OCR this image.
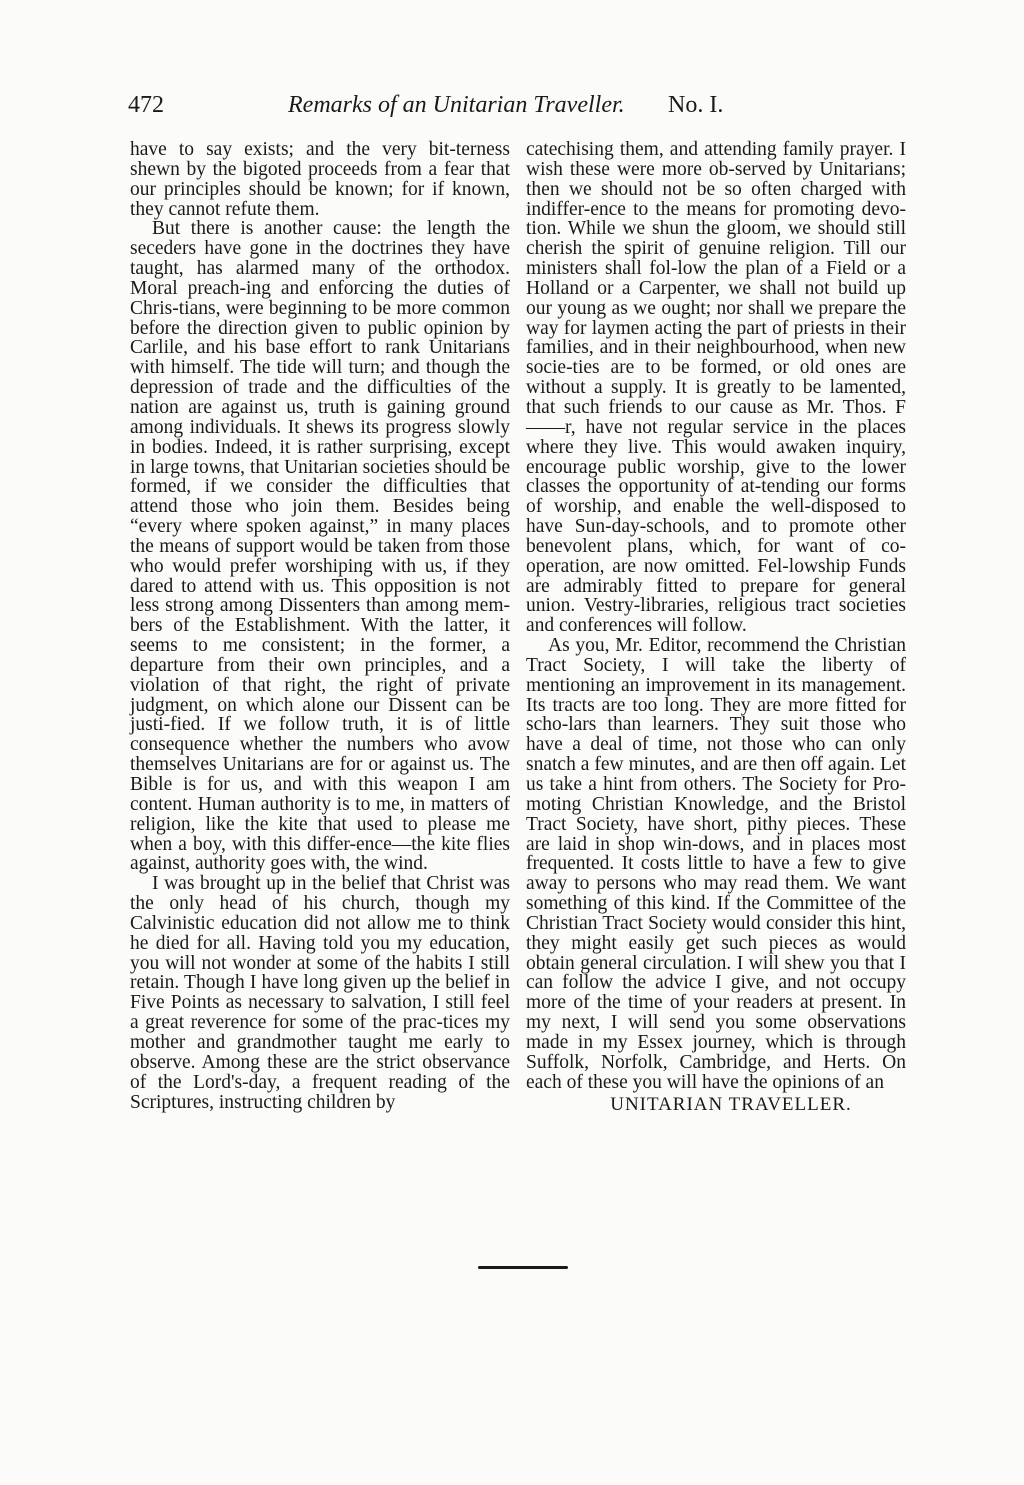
472	Remarks of an Unitarian Traveller. No. I.

have to say exists; and the very bit-terness shewn by the bigoted proceeds from a fear that our principles should be known; for if known, they cannot refute them.

But there is another cause: the length the seceders have gone in the doctrines they have taught, has alarmed many of the orthodox. Moral preach-ing and enforcing the duties of Chris-tians, were beginning to be more common before the direction given to public opinion by Carlile, and his base effort to rank Unitarians with himself. The tide will turn; and though the depression of trade and the difficulties of the nation are against us, truth is gaining ground among individuals. It shews its progress slowly in bodies. Indeed, it is rather surprising, except in large towns, that Unitarian societies should be formed, if we consider the difficulties that attend those who join them. Besides being “every where spoken against,” in many places the means of support would be taken from those who would prefer worshiping with us, if they dared to attend with us. This opposition is not less strong among Dissenters than among mem-bers of the Establishment. With the latter, it seems to me consistent; in the former, a departure from their own principles, and a violation of that right, the right of private judgment, on which alone our Dissent can be justi-fied. If we follow truth, it is of little consequence whether the numbers who avow themselves Unitarians are for or against us. The Bible is for us, and with this weapon I am content. Human authority is to me, in matters of religion, like the kite that used to please me when a boy, with this differ-ence—the kite flies against, authority goes with, the wind.

I was brought up in the belief that Christ was the only head of his church, though my Calvinistic education did not allow me to think he died for all. Having told you my education, you will not wonder at some of the habits I still retain. Though I have long given up the belief in Five Points as necessary to salvation, I still feel a great reverence for some of the prac-tices my mother and grandmother taught me early to observe. Among these are the strict observance of the Lord's-day, a frequent reading of the Scriptures, instructing children by

catechising them, and attending family prayer. I wish these were more ob-served by Unitarians; then we should not be so often charged with indiffer-ence to the means for promoting devo-tion. While we shun the gloom, we should still cherish the spirit of genuine religion. Till our ministers shall fol-low the plan of a Field or a Holland or a Carpenter, we shall not build up our young as we ought; nor shall we prepare the way for laymen acting the part of priests in their families, and in their neighbourhood, when new socie-ties are to be formed, or old ones are without a supply. It is greatly to be lamented, that such friends to our cause as Mr. Thos. F——r, have not regular service in the places where they live. This would awaken inquiry, encourage public worship, give to the lower classes the opportunity of at-tending our forms of worship, and enable the well-disposed to have Sun-day-schools, and to promote other benevolent plans, which, for want of co-operation, are now omitted. Fel-lowship Funds are admirably fitted to prepare for general union. Vestry-libraries, religious tract societies and conferences will follow.

As you, Mr. Editor, recommend the Christian Tract Society, I will take the liberty of mentioning an improvement in its management. Its tracts are too long. They are more fitted for scho-lars than learners. They suit those who have a deal of time, not those who can only snatch a few minutes, and are then off again. Let us take a hint from others. The Society for Pro-moting Christian Knowledge, and the Bristol Tract Society, have short, pithy pieces. These are laid in shop win-dows, and in places most frequented. It costs little to have a few to give away to persons who may read them. We want something of this kind. If the Committee of the Christian Tract Society would consider this hint, they might easily get such pieces as would obtain general circulation. I will shew you that I can follow the advice I give, and not occupy more of the time of your readers at present. In my next, I will send you some observations made in my Essex journey, which is through Suffolk, Norfolk, Cambridge, and Herts. On each of these you will have the opinions of an

UNITARIAN TRAVELLER.
